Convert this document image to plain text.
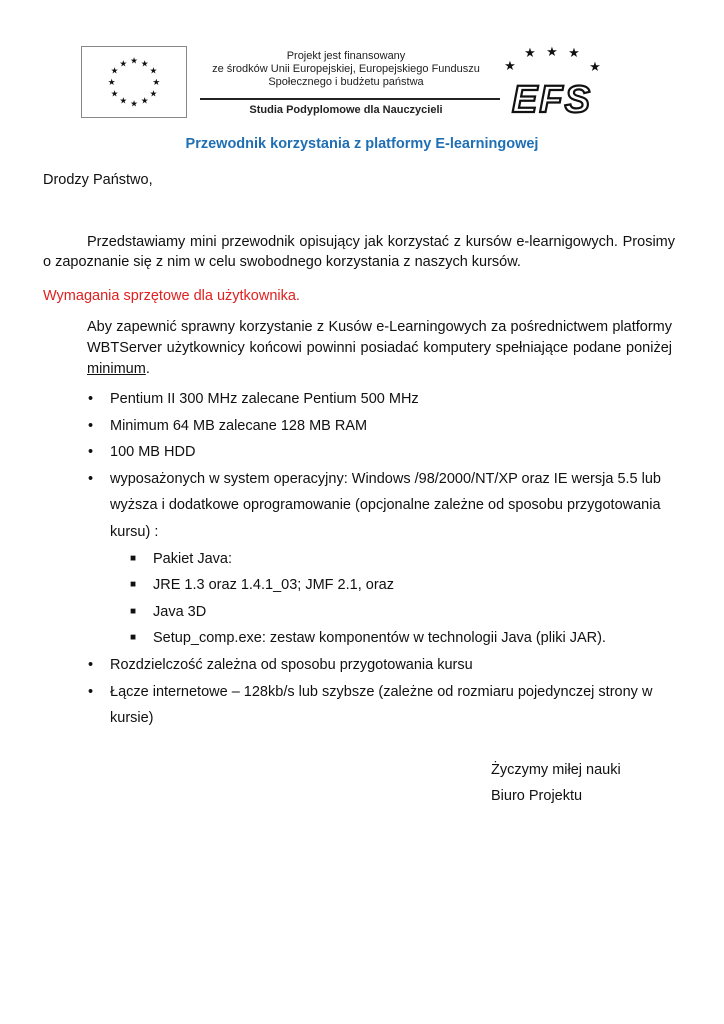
★ ★
★
★
★
★
★
★
★
★
★
★
Projekt jest finansowany
ze środków Unii Europejskiej, Europejskiego Funduszu
Społecznego i budżetu państwa
Studia Podyplomowe dla Nauczycieli
★
★ ★ ★
★
EFS
Przewodnik korzystania z platformy E-learningowej
Drodzy Państwo,
Przedstawiamy mini przewodnik opisujący jak korzystać z kursów e-learnigowych. Prosimy o zapoznanie się z nim w celu swobodnego korzystania z naszych kursów.
Wymagania sprzętowe dla użytkownika.
Aby zapewnić sprawny korzystanie z Kusów e-Learningowych za pośrednictwem platformy WBTServer użytkownicy końcowi powinni posiadać komputery spełniające podane poniżej minimum.
• Pentium II 300 MHz zalecane Pentium 500 MHz
• Minimum 64 MB zalecane 128 MB RAM
• 100 MB HDD
• wyposażonych w system operacyjny: Windows /98/2000/NT/XP oraz IE wersja 5.5 lub wyższa i dodatkowe oprogramowanie (opcjonalne zależne od sposobu przygotowania kursu) :
■ Pakiet Java:
■ JRE 1.3 oraz 1.4.1_03; JMF 2.1, oraz
■ Java 3D
■ Setup_comp.exe: zestaw komponentów w technologii Java (pliki JAR).
• Rozdzielczość zależna od sposobu przygotowania kursu
• Łącze internetowe – 128kb/s lub szybsze (zależne od rozmiaru pojedynczej strony w kursie)
Życzymy miłej nauki
Biuro Projektu
